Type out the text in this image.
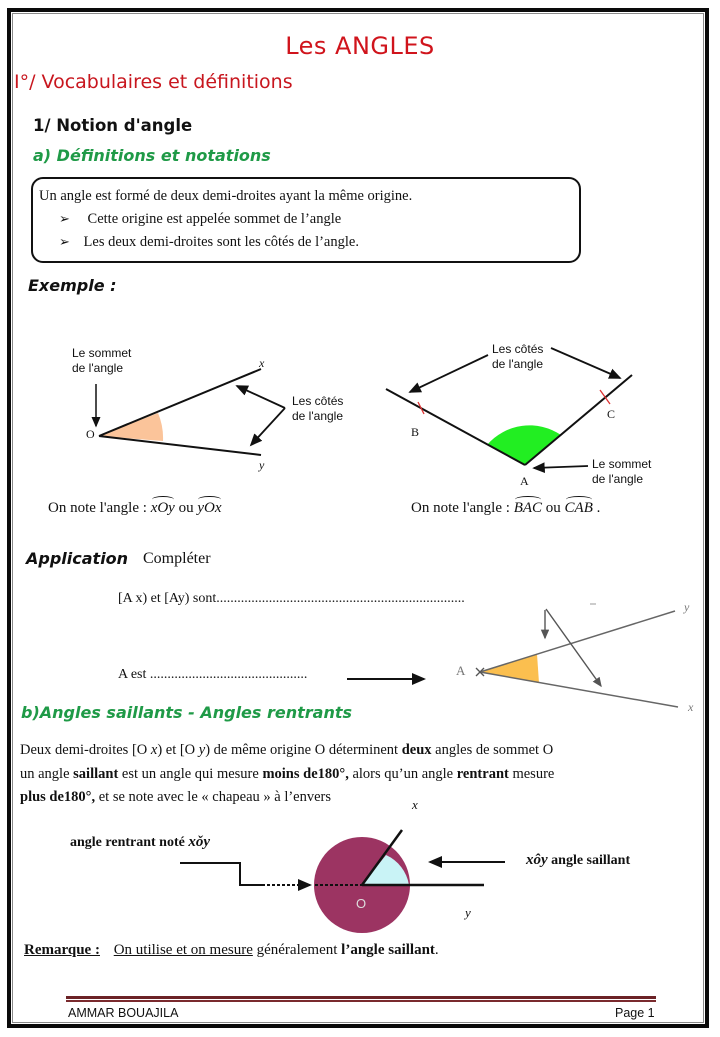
Les ANGLES
I°/ Vocabulaires et définitions
1/ Notion d'angle
a) Définitions et notations
Un angle est formé de deux demi-droites ayant la même origine.
➢ Cette origine est appelée sommet de l’angle
➢ Les deux demi-droites sont les côtés de l’angle.
Exemple :
Le sommet
de l'angle
Les côtés
de l'angle
O
x
y
On note l'angle : xOy ou yOx
Les côtés
de l'angle
Le sommet
de l'angle
B
C
A
On note l'angle : BAC ou CAB .
Application Compléter
[A x) et [Ay) sont.......................................................................
A est .............................................	A
y
x
b)Angles saillants - Angles rentrants
Deux demi-droites [O x) et [O y) de même origine O déterminent deux angles de sommet O
un angle saillant est un angle qui mesure moins de180°, alors qu’un angle rentrant mesure
plus de180°, et se note avec le « chapeau » à l’envers
angle rentrant noté xǒy
xôy angle saillant
x
y
O
Remarque : On utilise et on mesure généralement l’angle saillant.
AMMAR BOUAJILA	Page 1
